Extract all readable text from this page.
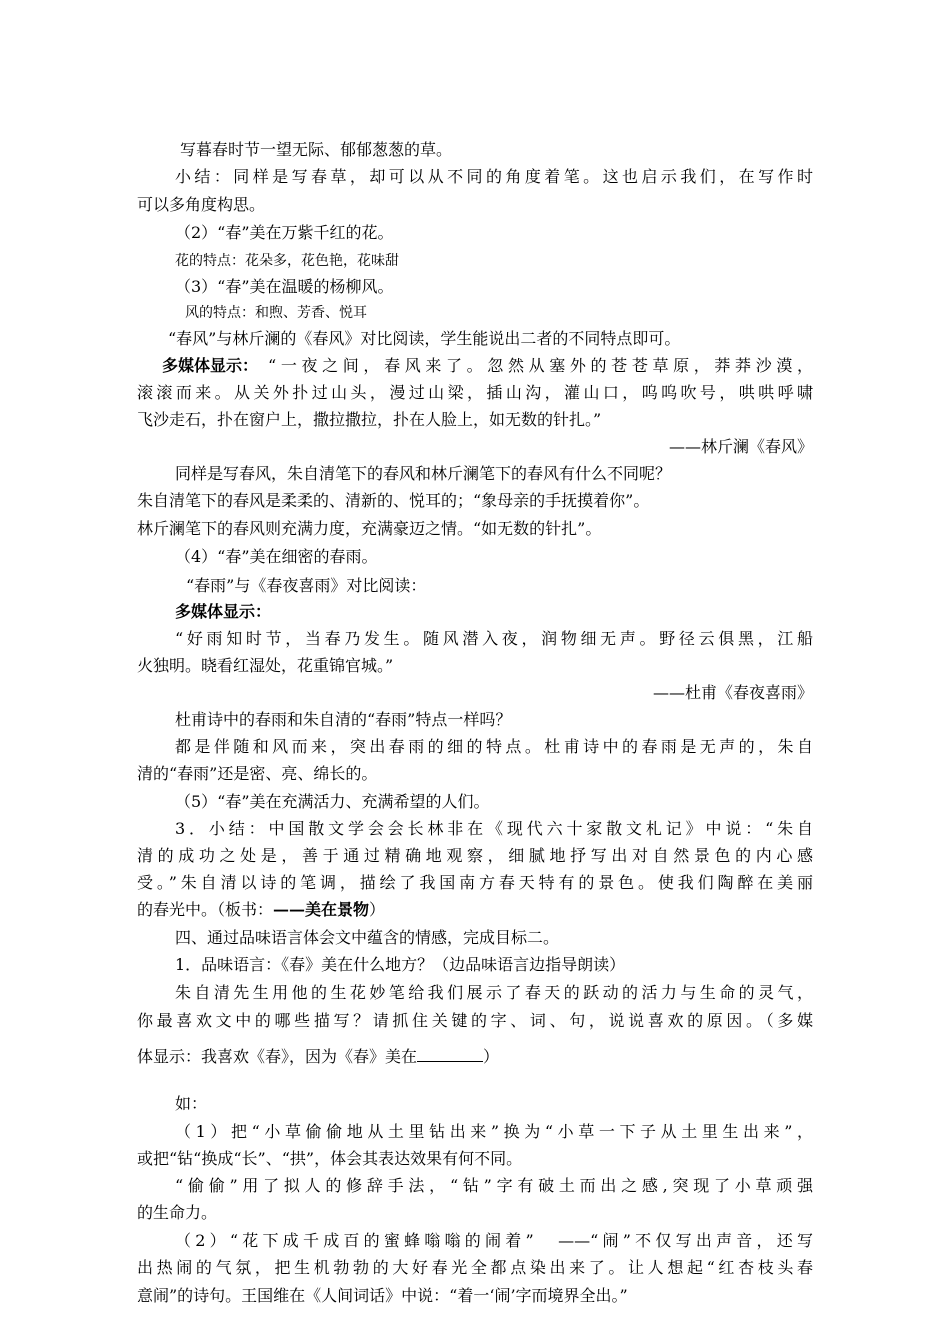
写暮春时节一望无际、郁郁葱葱的草。
小结：同样是写春草，却可以从不同的角度着笔。这也启示我们，在写作时
可以多角度构思。
（2）“春”美在万紫千红的花。
花的特点：花朵多，花色艳，花味甜
（3）“春”美在温暖的杨柳风。
风的特点：和煦、芳香、悦耳
“春风”与林斤澜的《春风》对比阅读，学生能说出二者的不同特点即可。
多媒体显示： “一夜之间，春风来了。忽然从塞外的苍苍草原，莽莽沙漠，
滚滚而来。从关外扑过山头，漫过山梁，插山沟，灌山口，呜呜吹号，哄哄呼啸
飞沙走石，扑在窗户上，撒拉撒拉，扑在人脸上，如无数的针扎。”
——林斤澜《春风》
同样是写春风，朱自清笔下的春风和林斤澜笔下的春风有什么不同呢？
朱自清笔下的春风是柔柔的、清新的、悦耳的；“象母亲的手抚摸着你”。
林斤澜笔下的春风则充满力度，充满豪迈之情。“如无数的针扎”。
（4）“春”美在细密的春雨。
“春雨”与《春夜喜雨》对比阅读：
多媒体显示：
“好雨知时节，当春乃发生。随风潜入夜，润物细无声。野径云俱黑，江船
火独明。晓看红湿处，花重锦官城。”
——杜甫《春夜喜雨》
杜甫诗中的春雨和朱自清的“春雨”特点一样吗？
都是伴随和风而来，突出春雨的细的特点。杜甫诗中的春雨是无声的，朱自
清的“春雨”还是密、亮、绵长的。
（5）“春”美在充满活力、充满希望的人们。
3．小结：中国散文学会会长林非在《现代六十家散文札记》中说：“朱自
清的成功之处是，善于通过精确地观察，细腻地抒写出对自然景色的内心感
受。”朱自清以诗的笔调，描绘了我国南方春天特有的景色。使我们陶醉在美丽
的春光中。（板书：——美在景物）
四、通过品味语言体会文中蕴含的情感，完成目标二。
1．品味语言：《春》美在什么地方？（边品味语言边指导朗读）
朱自清先生用他的生花妙笔给我们展示了春天的跃动的活力与生命的灵气，
你最喜欢文中的哪些描写？请抓住关键的字、词、句，说说喜欢的原因。（多媒
体显示：我喜欢《春》，因为《春》美在	）
如：
（1）把“小草偷偷地从土里钻出来”换为“小草一下子从土里生出来”，
或把“钻“换成“长”、“拱”，体会其表达效果有何不同。
“偷偷”用了拟人的修辞手法，“钻”字有破土而出之感,突现了小草顽强
的生命力。
（2）“花下成千成百的蜜蜂嗡嗡的闹着”　——“闹”不仅写出声音，还写
出热闹的气氛，把生机勃勃的大好春光全都点染出来了。让人想起“红杏枝头春
意闹”的诗句。王国维在《人间词话》中说：“着一‘闹’字而境界全出。”
